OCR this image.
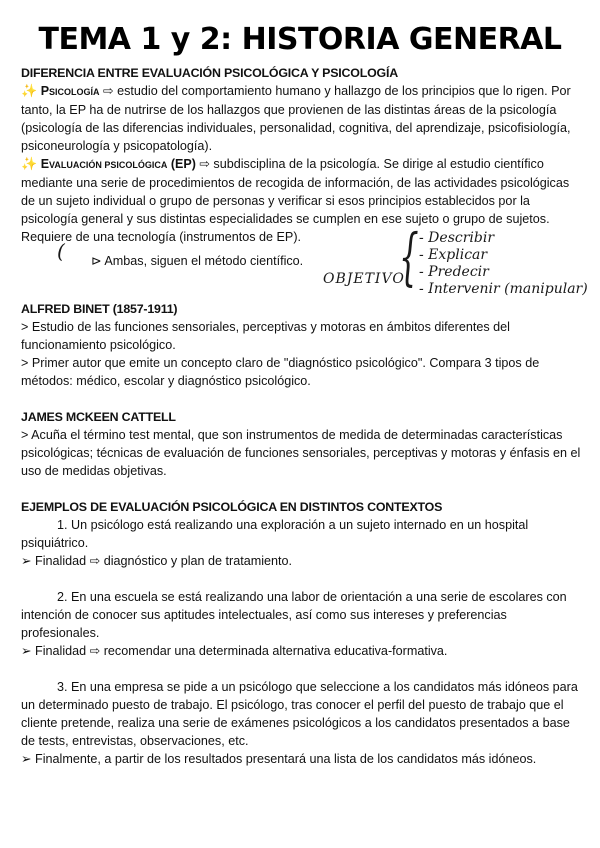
TEMA 1 y 2: HISTORIA GENERAL
DIFERENCIA ENTRE EVALUACIÓN PSICOLÓGICA Y PSICOLOGÍA

✨ PSICOLOGÍA ⇨ estudio del comportamiento humano y hallazgo de los principios que lo rigen. Por tanto, la EP ha de nutrirse de los hallazgos que provienen de las distintas áreas de la psicología (psicología de las diferencias individuales, personalidad, cognitiva, del aprendizaje, psicofisiología, psiconeurología y psicopatología).

✨ EVALUACIÓN PSICOLÓGICA (EP) ⇨ subdisciplina de la psicología. Se dirige al estudio científico mediante una serie de procedimientos de recogida de información, de las actividades psicológicas de un sujeto individual o grupo de personas y verificar si esos principios establecidos por la psicología general y sus distintas especialidades se cumplen en ese sujeto o grupo de sujetos. Requiere de una tecnología (instrumentos de EP).

( ⊳ Ambas, siguen el método científico.
OBJETIVO
{ - Describir
- Explicar
- Predecir
- Intervenir (manipular)
ALFRED BINET (1857-1911)

> Estudio de las funciones sensoriales, perceptivas y motoras en ámbitos diferentes del funcionamiento psicológico.

> Primer autor que emite un concepto claro de "diagnóstico psicológico". Compara 3 tipos de métodos: médico, escolar y diagnóstico psicológico.

JAMES MCKEEN CATTELL

> Acuña el término test mental, que son instrumentos de medida de determinadas características psicológicas; técnicas de evaluación de funciones sensoriales, perceptivas y motoras y énfasis en el uso de medidas objetivas.

EJEMPLOS DE EVALUACIÓN PSICOLÓGICA EN DISTINTOS CONTEXTOS

1. Un psicólogo está realizando una exploración a un sujeto internado en un hospital psiquiátrico.

➢ Finalidad ⇨ diagnóstico y plan de tratamiento.

2. En una escuela se está realizando una labor de orientación a una serie de escolares con intención de conocer sus aptitudes intelectuales, así como sus intereses y preferencias profesionales.

➢ Finalidad ⇨ recomendar una determinada alternativa educativa-formativa.

3. En una empresa se pide a un psicólogo que seleccione a los candidatos más idóneos para un determinado puesto de trabajo. El psicólogo, tras conocer el perfil del puesto de trabajo que el cliente pretende, realiza una serie de exámenes psicológicos a los candidatos presentados a base de tests, entrevistas, observaciones, etc.

➢ Finalmente, a partir de los resultados presentará una lista de los candidatos más idóneos.
